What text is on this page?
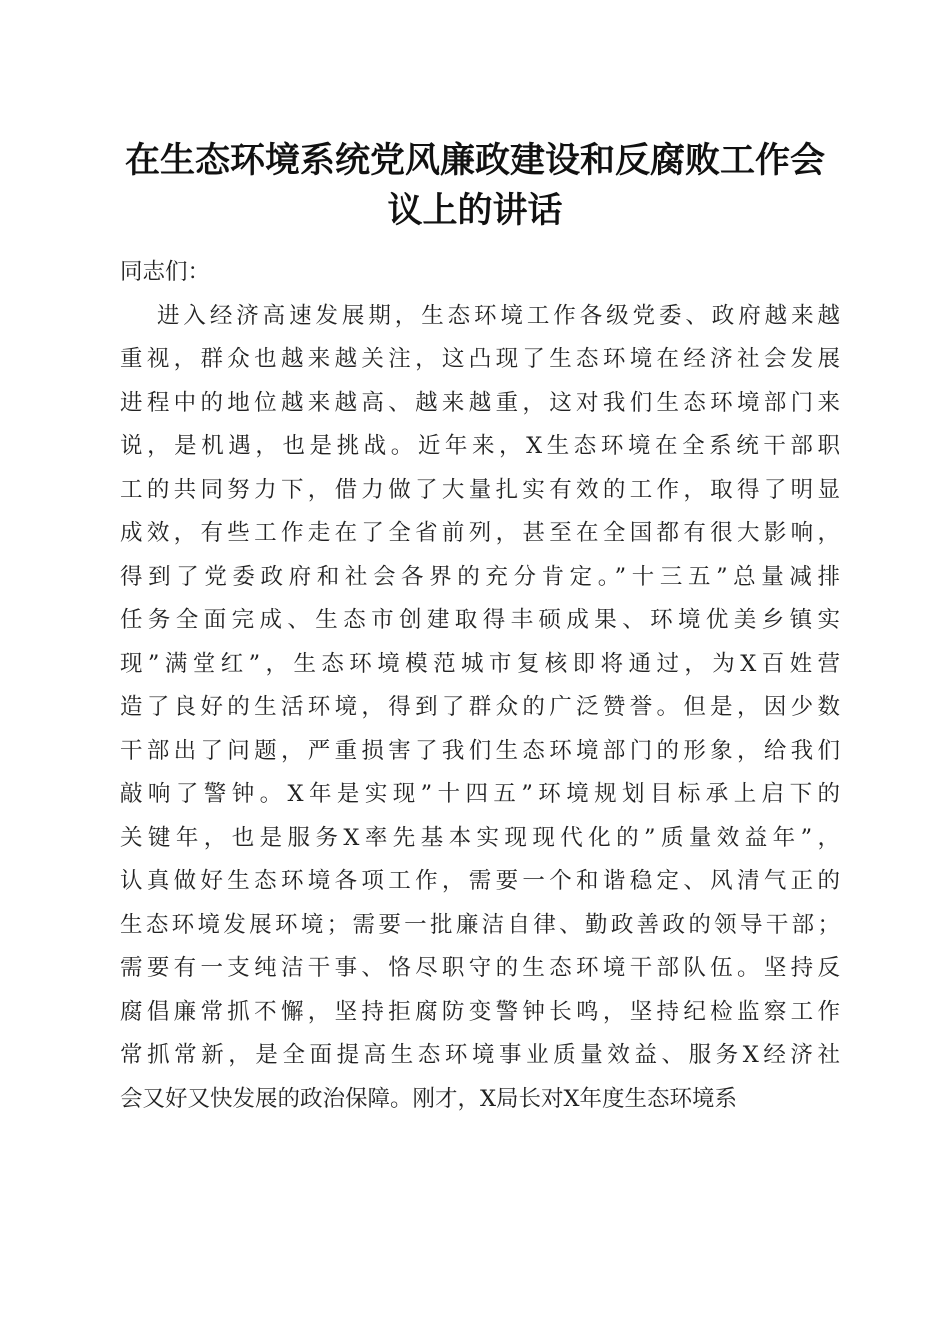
在生态环境系统党风廉政建设和反腐败工作会
议上的讲话
同志们：
进入经济高速发展期，生态环境工作各级党委、政府越来越
重视，群众也越来越关注，这凸现了生态环境在经济社会发展
进程中的地位越来越高、越来越重，这对我们生态环境部门来
说，是机遇，也是挑战。近年来，X生态环境在全系统干部职
工的共同努力下，借力做了大量扎实有效的工作，取得了明显
成效，有些工作走在了全省前列，甚至在全国都有很大影响，
得到了党委政府和社会各界的充分肯定。”十三五”总量减排
任务全面完成、生态市创建取得丰硕成果、环境优美乡镇实
现”满堂红”，生态环境模范城市复核即将通过，为X百姓营
造了良好的生活环境，得到了群众的广泛赞誉。但是，因少数
干部出了问题，严重损害了我们生态环境部门的形象，给我们
敲响了警钟。X年是实现”十四五”环境规划目标承上启下的
关键年，也是服务X率先基本实现现代化的”质量效益年”，
认真做好生态环境各项工作，需要一个和谐稳定、风清气正的
生态环境发展环境；需要一批廉洁自律、勤政善政的领导干部；
需要有一支纯洁干事、恪尽职守的生态环境干部队伍。坚持反
腐倡廉常抓不懈，坚持拒腐防变警钟长鸣，坚持纪检监察工作
常抓常新，是全面提高生态环境事业质量效益、服务X经济社
会又好又快发展的政治保障。刚才，X局长对X年度生态环境系
